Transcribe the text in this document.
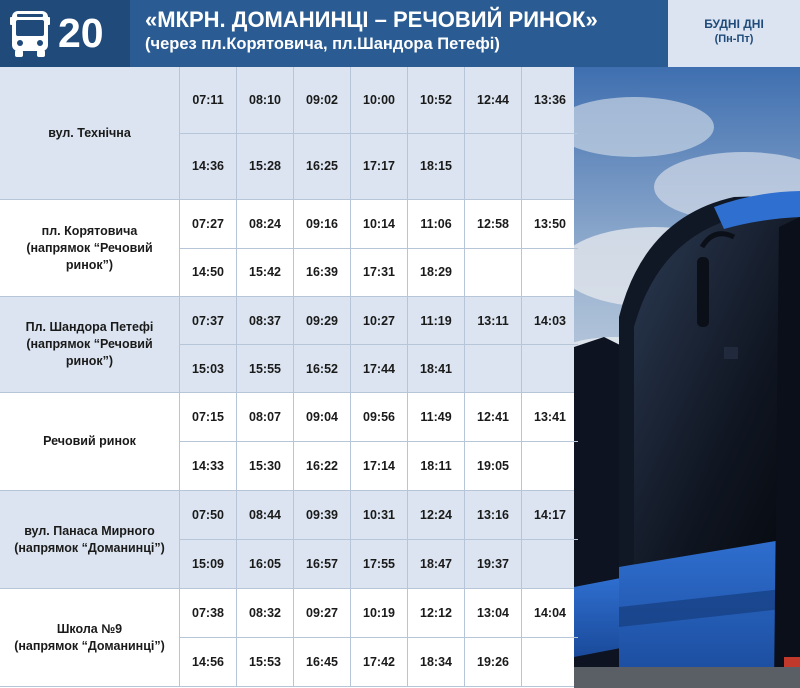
20 «МКРН. ДОМАНИНЦІ – РЕЧОВИЙ РИНОК»
(через пл.Корятовича, пл.Шандора Петефі)
БУДНІ ДНІ
(Пн-Пт)
вул. Технічна
07:11	08:10	09:02	10:00	10:52	12:44	13:36
14:36	15:28	16:25	17:17	18:15
пл. Корятовича
(напрямок “Речовий
ринок”)
07:27	08:24	09:16	10:14	11:06	12:58	13:50
14:50	15:42	16:39	17:31	18:29
Пл. Шандора Петефі
(напрямок “Речовий
ринок”)
07:37	08:37	09:29	10:27	11:19	13:11	14:03
15:03	15:55	16:52	17:44	18:41
Речовий ринок
07:15	08:07	09:04	09:56	11:49	12:41	13:41
14:33	15:30	16:22	17:14	18:11	19:05
вул. Панаса Мирного
(напрямок “Доманинці”)
07:50	08:44	09:39	10:31	12:24	13:16	14:17
15:09	16:05	16:57	17:55	18:47	19:37
Школа №9
(напрямок “Доманинці”)
07:38	08:32	09:27	10:19	12:12	13:04	14:04
14:56	15:53	16:45	17:42	18:34	19:26
